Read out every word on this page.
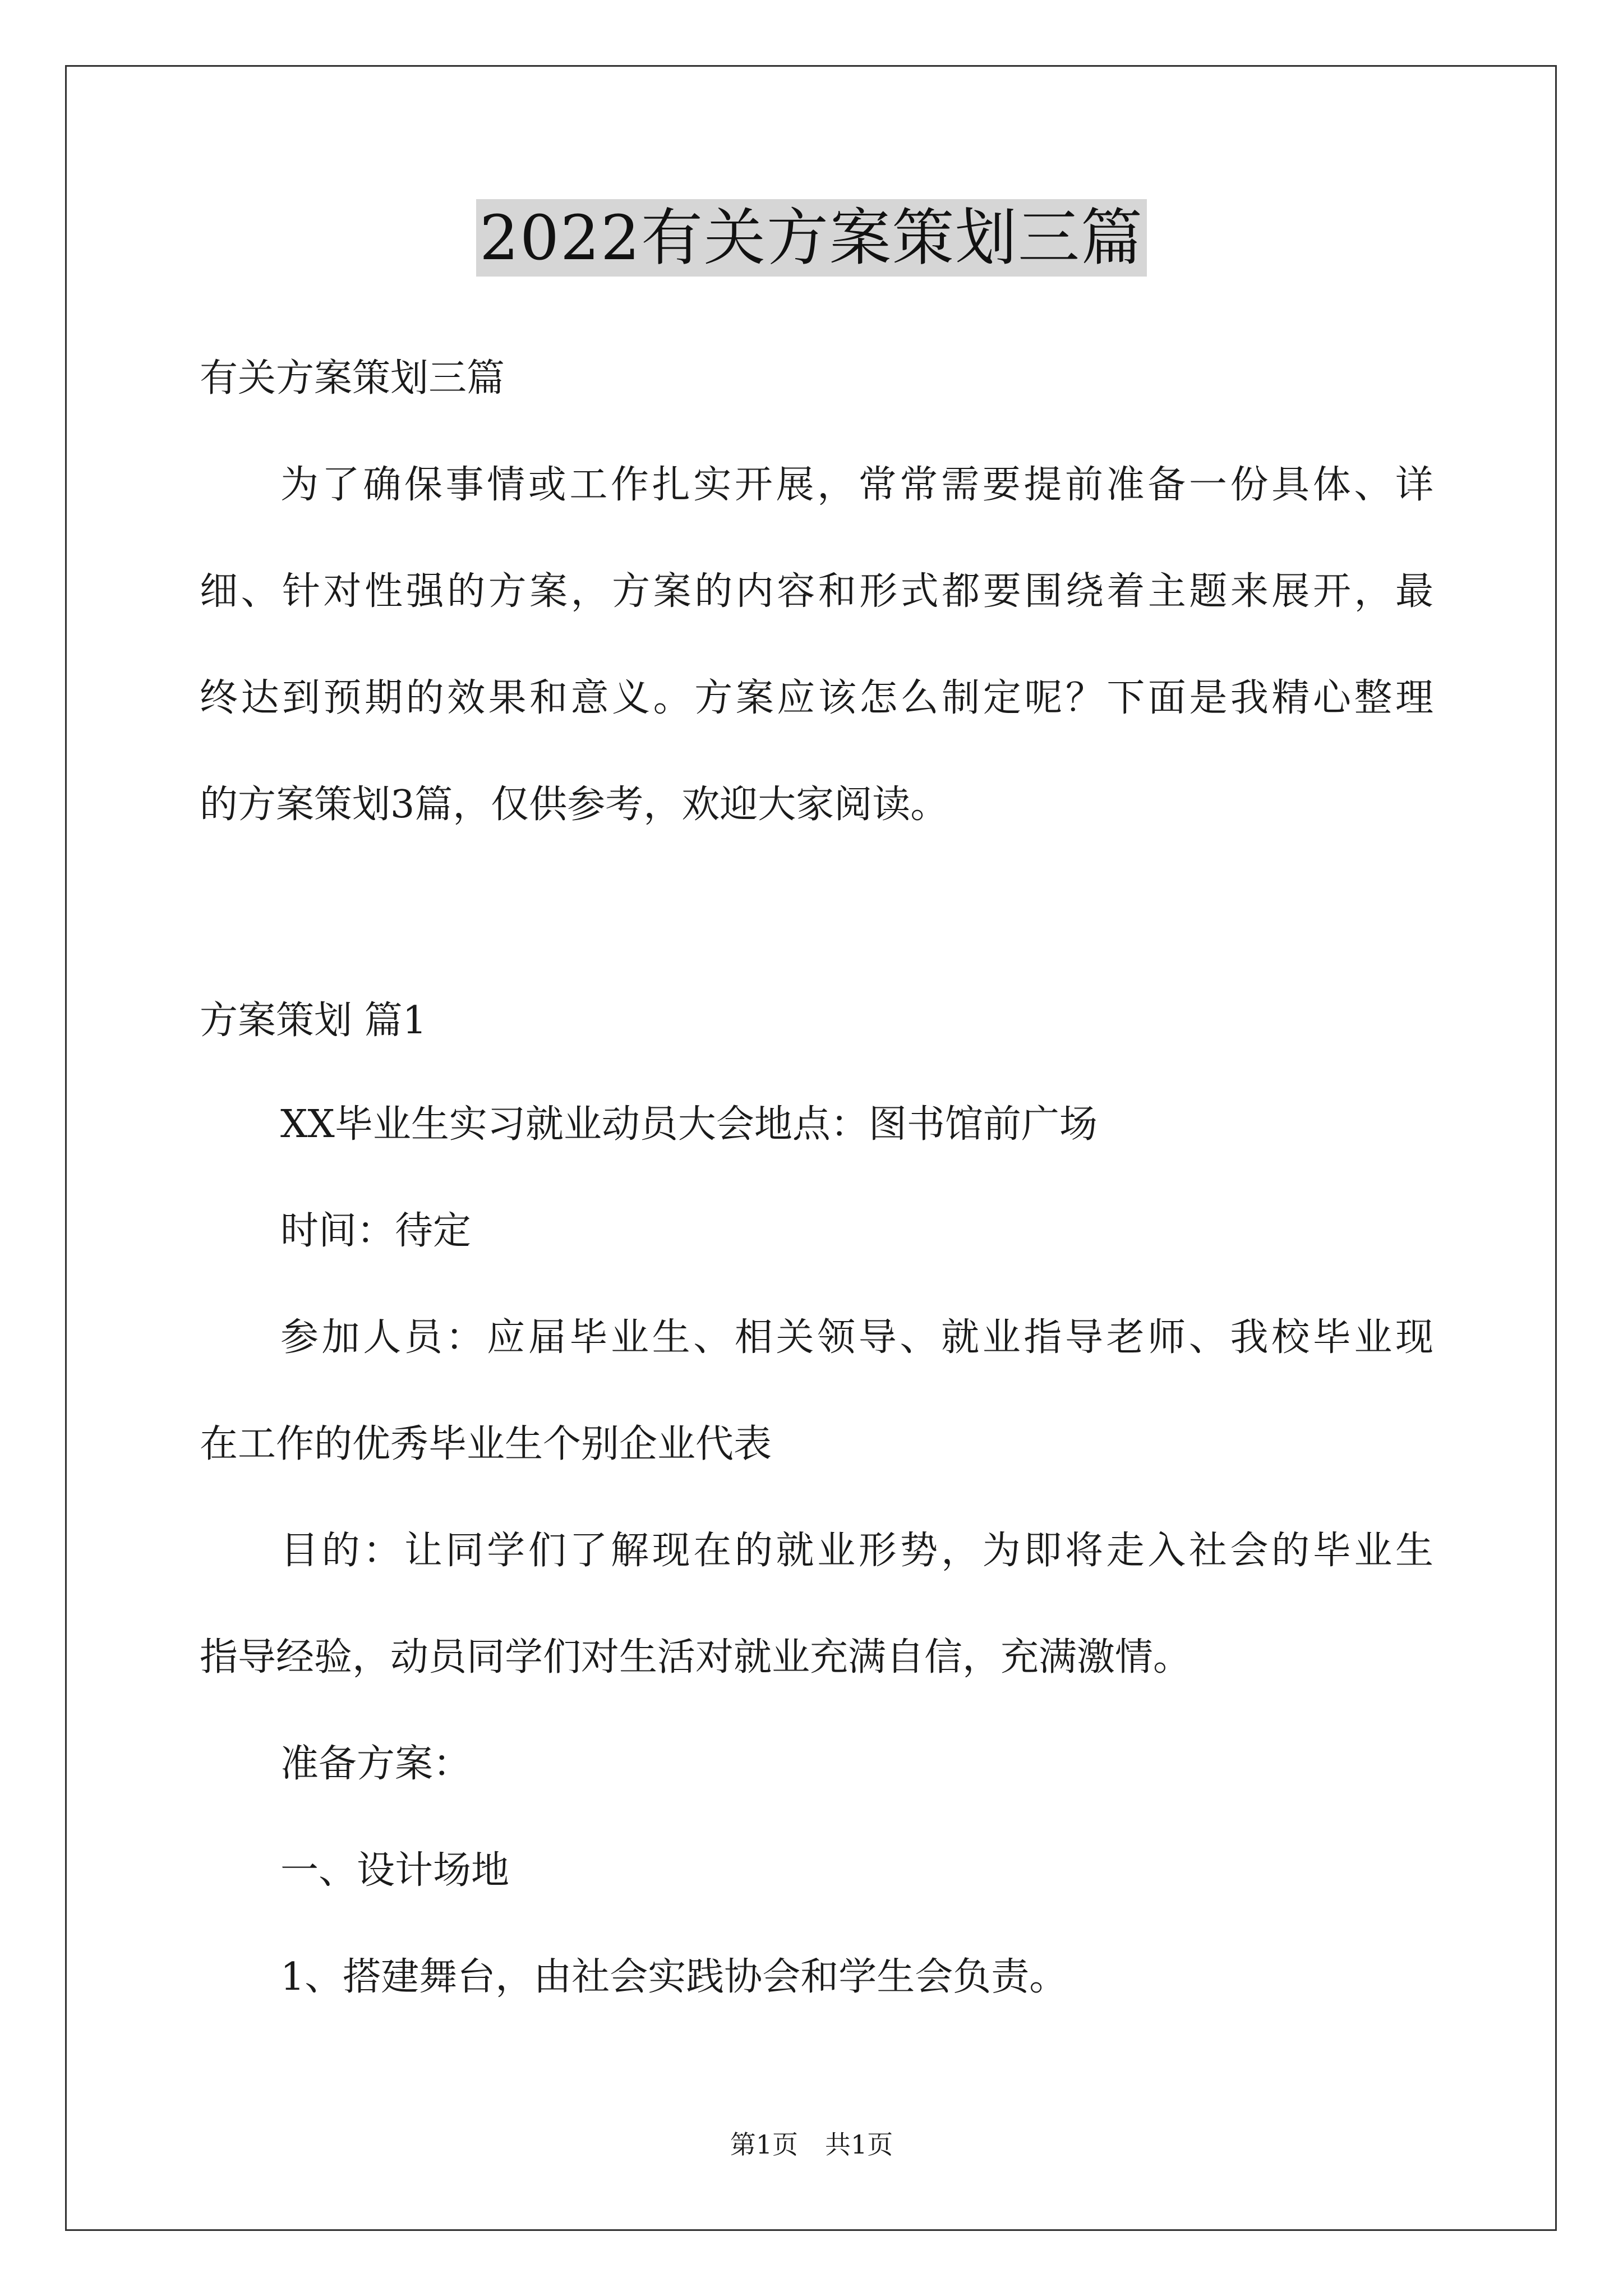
2022有关方案策划三篇
有关方案策划三篇
为了确保事情或工作扎实开展，常常需要提前准备一份具体、详
细、针对性强的方案，方案的内容和形式都要围绕着主题来展开，最
终达到预期的效果和意义。方案应该怎么制定呢？下面是我精心整理
的方案策划3篇，仅供参考，欢迎大家阅读。
方案策划 篇1
XX毕业生实习就业动员大会地点：图书馆前广场
时间：待定
参加人员：应届毕业生、相关领导、就业指导老师、我校毕业现
在工作的优秀毕业生个别企业代表
目的：让同学们了解现在的就业形势，为即将走入社会的毕业生
指导经验，动员同学们对生活对就业充满自信，充满激情。
准备方案：
一、设计场地
1、搭建舞台，由社会实践协会和学生会负责。
第1页 共1页
